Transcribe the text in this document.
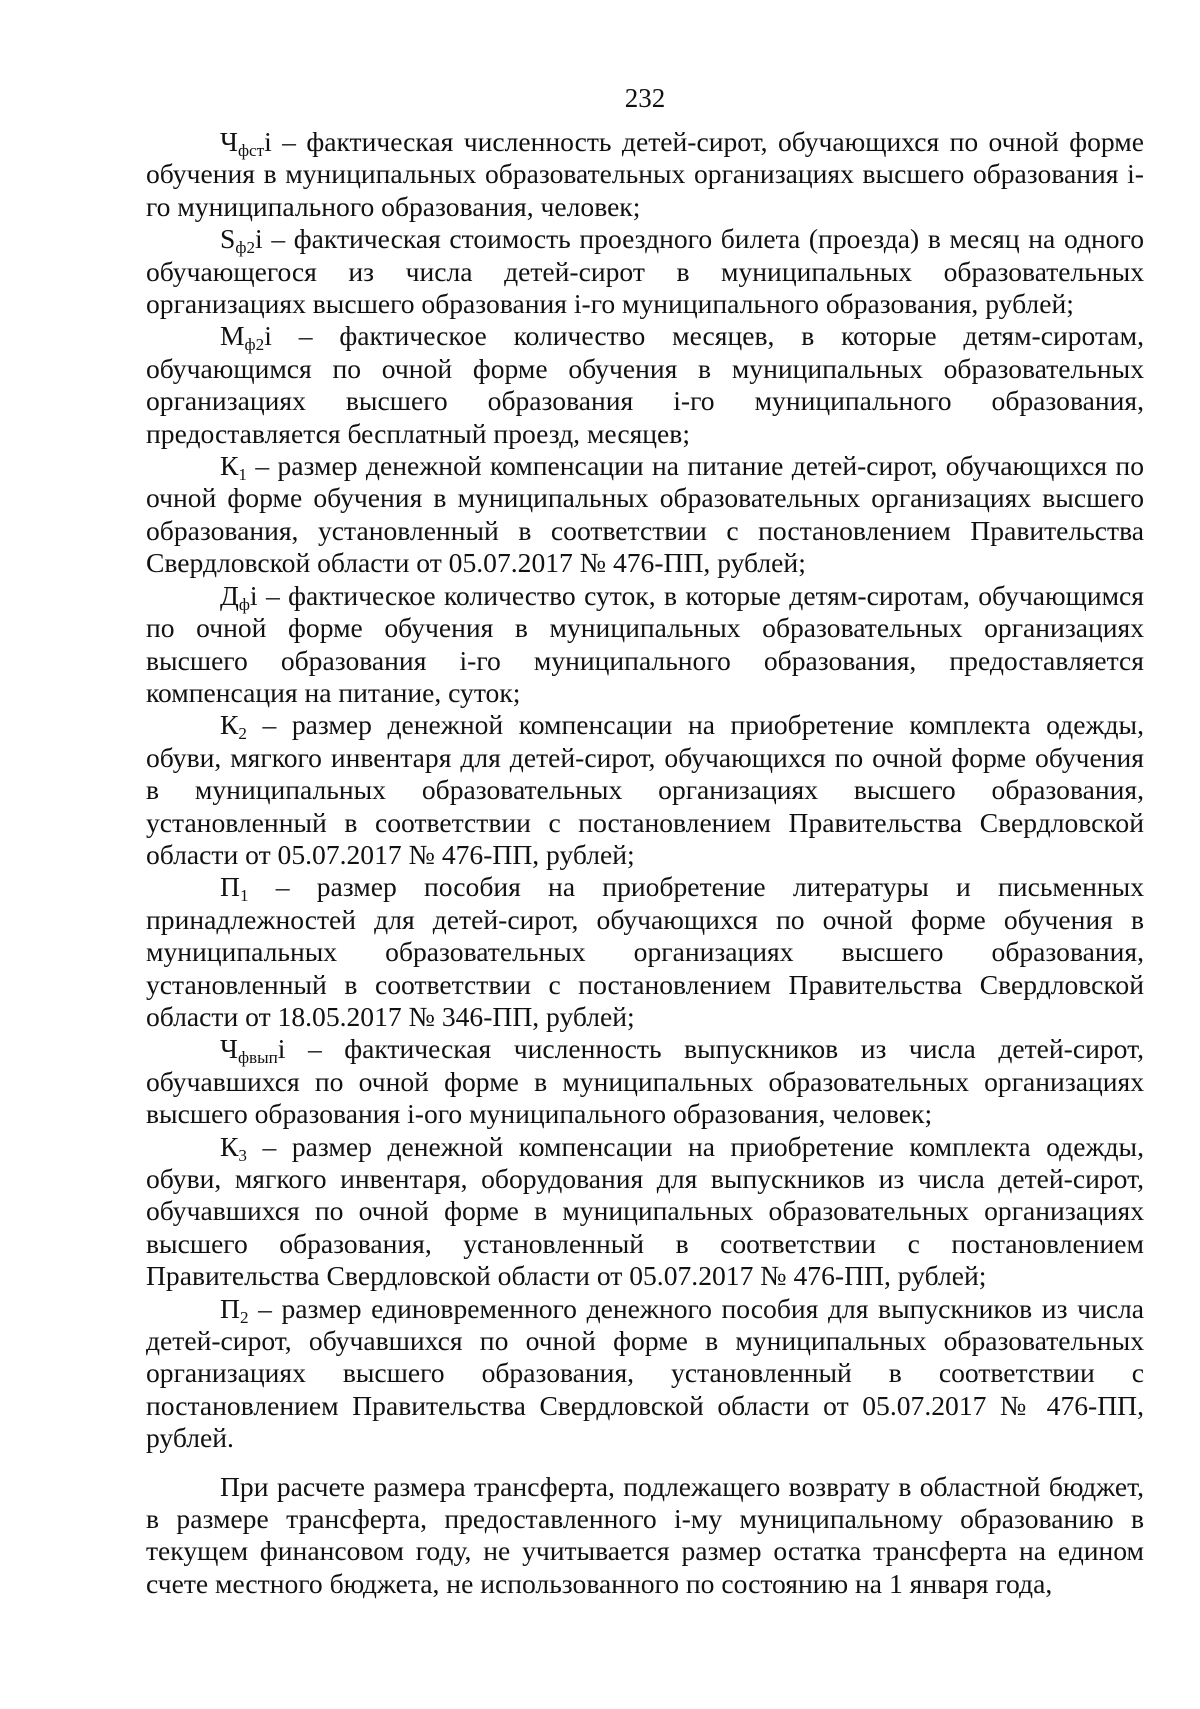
232

$Ч_{фст}i$ – фактическая численность детей-сирот, обучающихся по очной форме обучения в муниципальных образовательных организациях высшего образования i-го муниципального образования, человек;

$S_{ф2}i$ – фактическая стоимость проездного билета (проезда) в месяц на одного обучающегося из числа детей-сирот в муниципальных образовательных организациях высшего образования i-го муниципального образования, рублей;

$М_{ф2}i$ – фактическое количество месяцев, в которые детям-сиротам, обучающимся по очной форме обучения в муниципальных образовательных организациях высшего образования i-го муниципального образования, предоставляется бесплатный проезд, месяцев;

$К_1$ – размер денежной компенсации на питание детей-сирот, обучающихся по очной форме обучения в муниципальных образовательных организациях высшего образования, установленный в соответствии с постановлением Правительства Свердловской области от 05.07.2017 № 476-ПП, рублей;

$Д_фi$ – фактическое количество суток, в которые детям-сиротам, обучающимся по очной форме обучения в муниципальных образовательных организациях высшего образования i-го муниципального образования, предоставляется компенсация на питание, суток;

$К_2$ – размер денежной компенсации на приобретение комплекта одежды, обуви, мягкого инвентаря для детей-сирот, обучающихся по очной форме обучения в муниципальных образовательных организациях высшего образования, установленный в соответствии с постановлением Правительства Свердловской области от 05.07.2017 № 476-ПП, рублей;

$П_1$ – размер пособия на приобретение литературы и письменных принадлежностей для детей-сирот, обучающихся по очной форме обучения в муниципальных образовательных организациях высшего образования, установленный в соответствии с постановлением Правительства Свердловской области от 18.05.2017 № 346-ПП, рублей;

$Ч_{фвып}i$ – фактическая численность выпускников из числа детей-сирот, обучавшихся по очной форме в муниципальных образовательных организациях высшего образования i-ого муниципального образования, человек;

$К_3$ – размер денежной компенсации на приобретение комплекта одежды, обуви, мягкого инвентаря, оборудования для выпускников из числа детей-сирот, обучавшихся по очной форме в муниципальных образовательных организациях высшего образования, установленный в соответствии с постановлением Правительства Свердловской области от 05.07.2017 № 476-ПП, рублей;

$П_2$ – размер единовременного денежного пособия для выпускников из числа детей-сирот, обучавшихся по очной форме в муниципальных образовательных организациях высшего образования, установленный в соответствии с постановлением Правительства Свердловской области от 05.07.2017 № 476-ПП, рублей.

При расчете размера трансферта, подлежащего возврату в областной бюджет, в размере трансферта, предоставленного i-му муниципальному образованию в текущем финансовом году, не учитывается размер остатка трансферта на едином счете местного бюджета, не использованного по состоянию на 1 января года,
